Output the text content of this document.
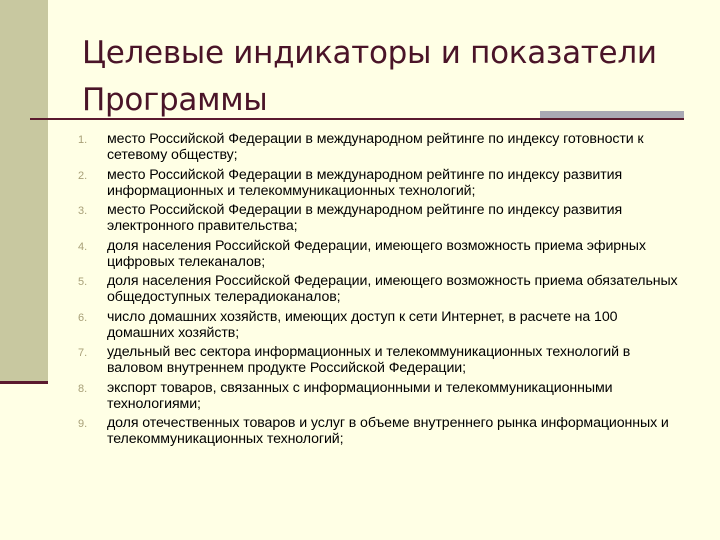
Целевые индикаторы и показатели Программы
1.	место Российской Федерации в международном рейтинге по индексу готовности к сетевому обществу;
2.	место Российской Федерации в международном рейтинге по индексу развития информационных и телекоммуникационных технологий;
3.	место Российской Федерации в международном рейтинге по индексу развития электронного правительства;
4.	доля населения Российской Федерации, имеющего возможность приема эфирных цифровых телеканалов;
5.	доля населения Российской Федерации, имеющего возможность приема обязательных общедоступных телерадиоканалов;
6.	число домашних хозяйств, имеющих доступ к сети Интернет, в расчете на 100 домашних хозяйств;
7.	удельный вес сектора информационных и телекоммуникационных технологий в валовом внутреннем продукте Российской Федерации;
8.	экспорт товаров, связанных с информационными и телекоммуникационными технологиями;
9.	доля отечественных товаров и услуг в объеме внутреннего рынка информационных и телекоммуникационных технологий;
